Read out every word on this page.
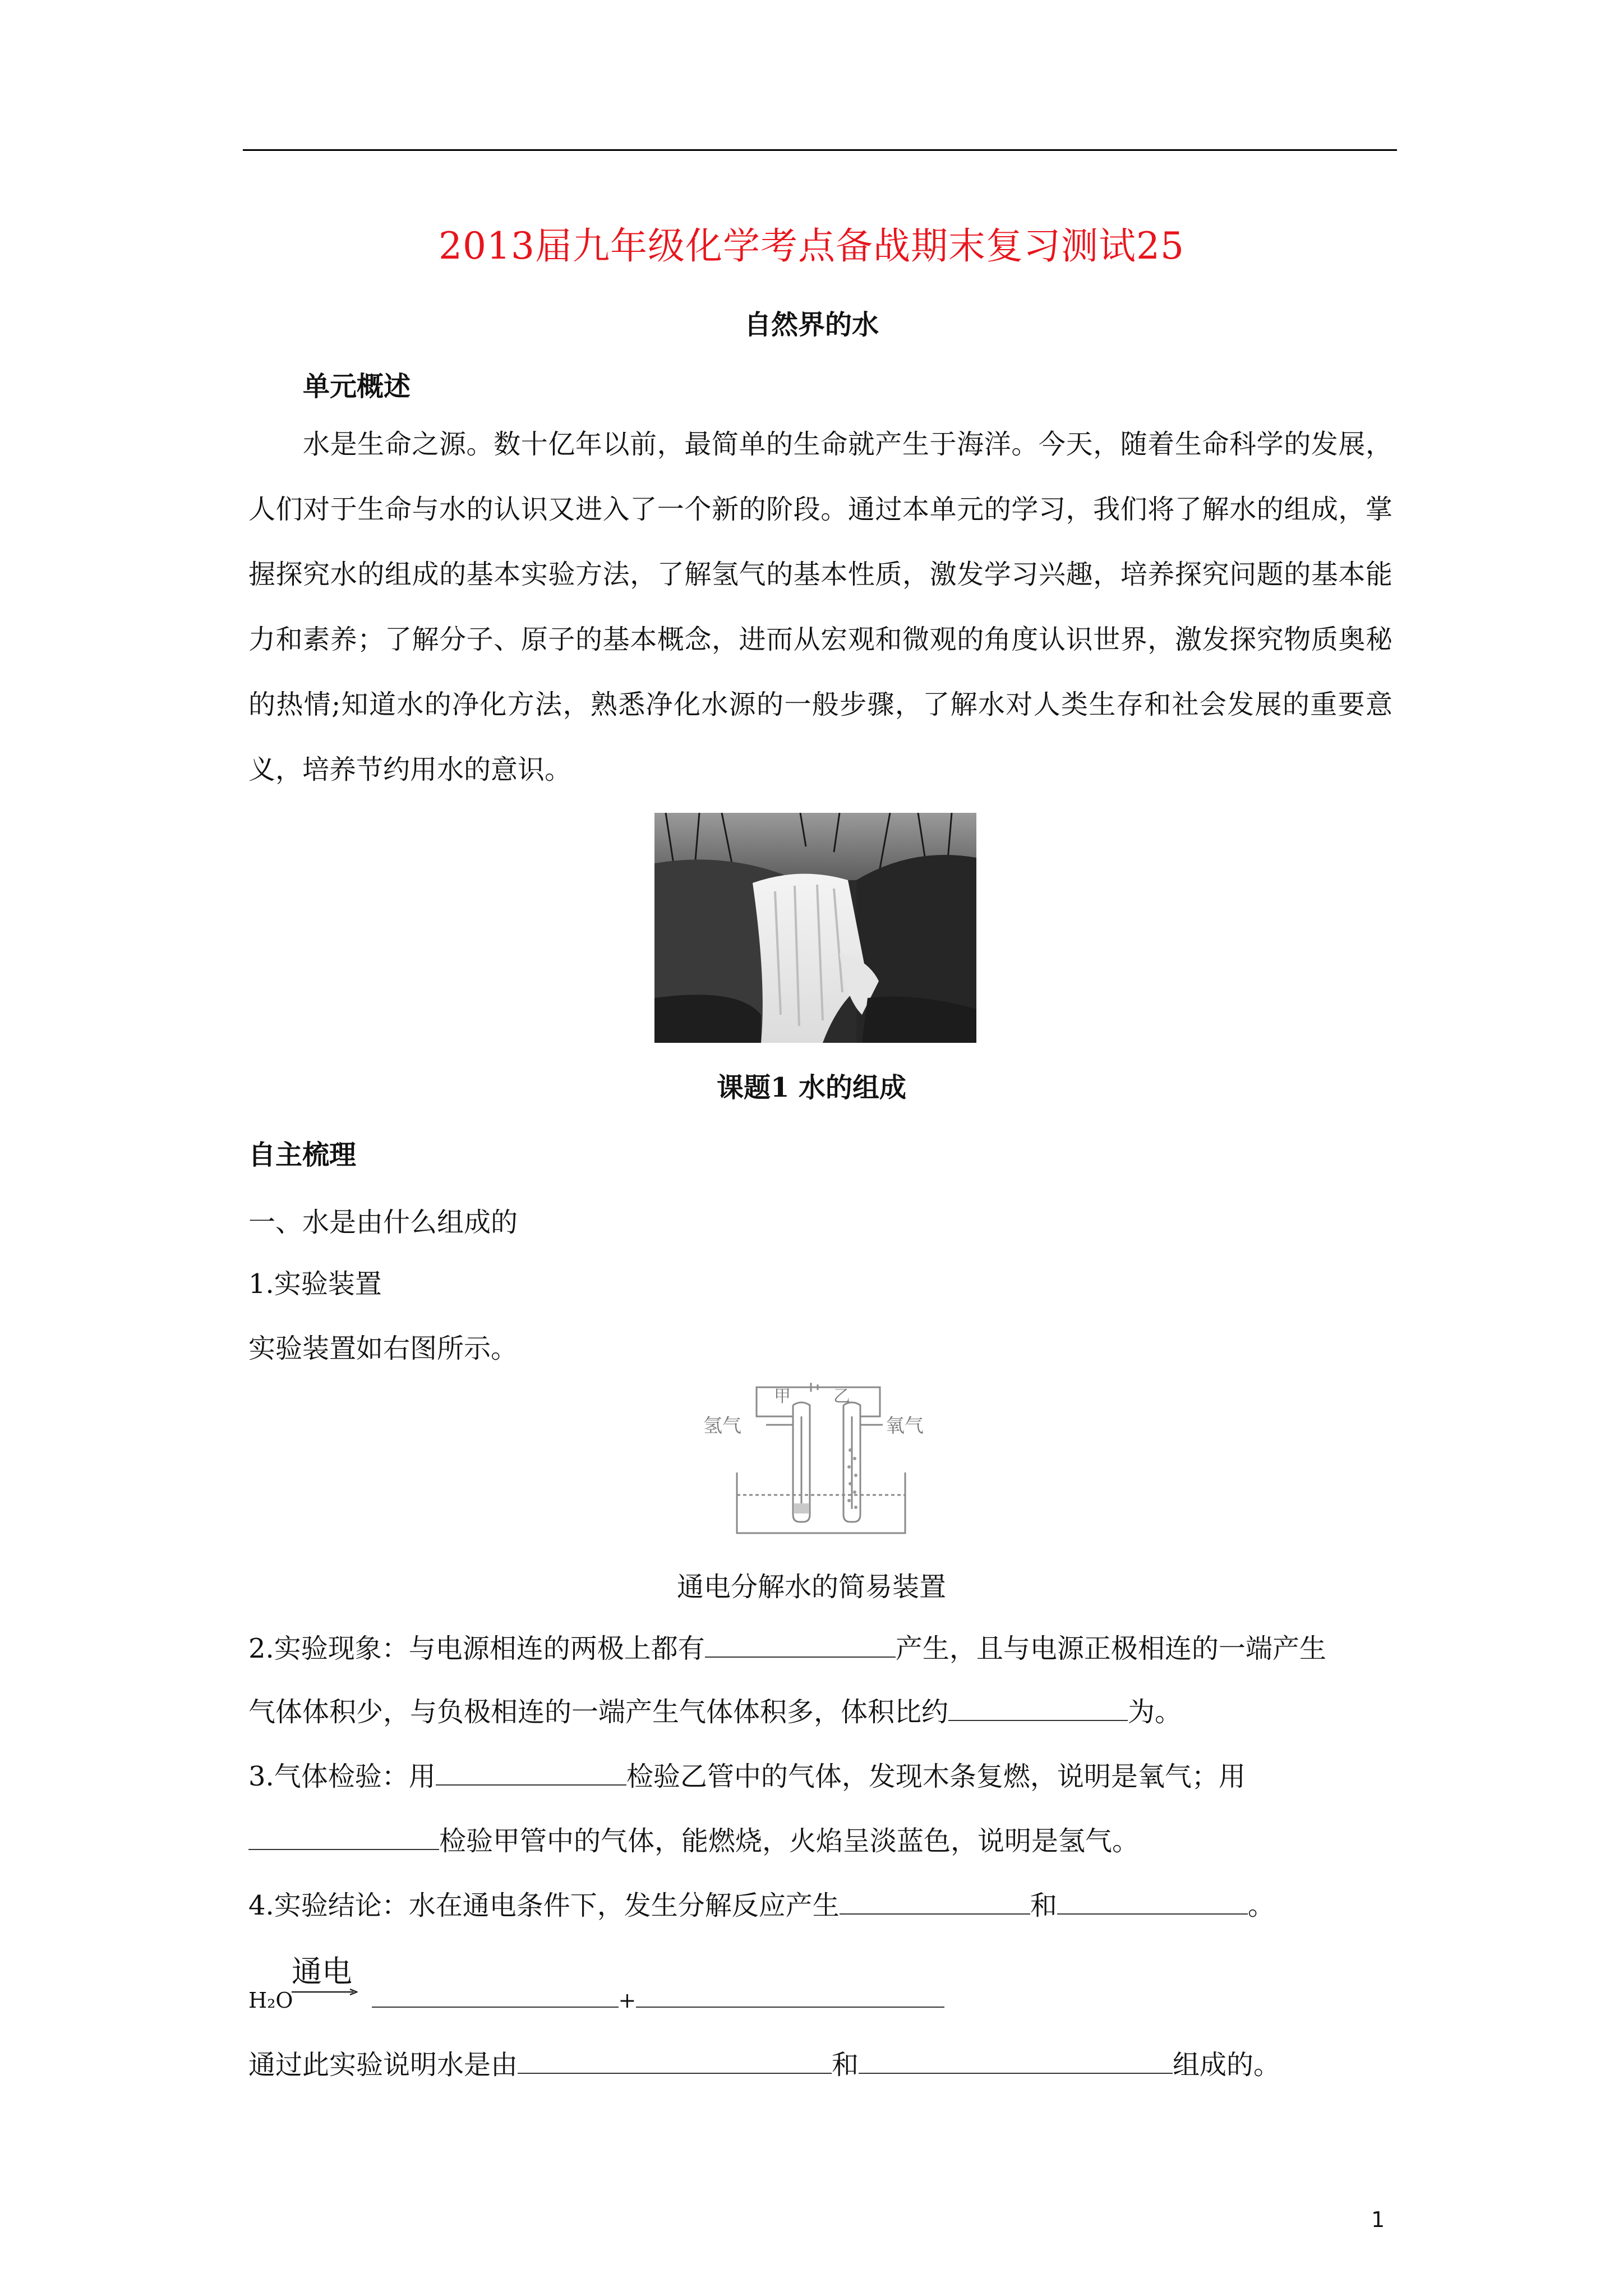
2013届九年级化学考点备战期末复习测试25
自然界的水
单元概述

水是生命之源。数十亿年以前，最简单的生命就产生于海洋。今天，随着生命科学的发展，人们对于生命与水的认识又进入了一个新的阶段。通过本单元的学习，我们将了解水的组成，掌握探究水的组成的基本实验方法，了解氢气的基本性质，激发学习兴趣，培养探究问题的基本能力和素养；了解分子、原子的基本概念，进而从宏观和微观的角度认识世界，激发探究物质奥秘的热情;知道水的净化方法，熟悉净化水源的一般步骤，了解水对人类生存和社会发展的重要意义，培养节约用水的意识。

课题1 水的组成
自主梳理
一、水是由什么组成的
1.实验装置
实验装置如右图所示。
氢气	氧气
甲	乙
通电分解水的简易装置
2.实验现象：与电源相连的两极上都有	产生，且与电源正极相连的一端产生
气体体积少，与负极相连的一端产生气体体积多，体积比约	为。
3.气体检验：用	检验乙管中的气体，发现木条复燃，说明是氧气；用
检验甲管中的气体，能燃烧，火焰呈淡蓝色，说明是氢气。
4.实验结论：水在通电条件下，发生分解反应产生	和	。
通电
H₂O	+
通过此实验说明水是由	和	组成的。
1
